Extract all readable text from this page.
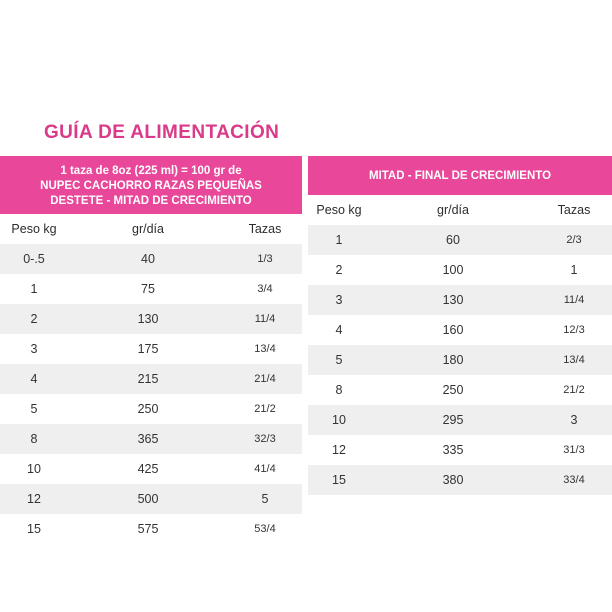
GUÍA DE ALIMENTACIÓN
1 taza de 8oz (225 ml) = 100 gr de
NUPEC CACHORRO RAZAS PEQUEÑAS
DESTETE - MITAD DE CRECIMIENTO
Peso kg	gr/día	Tazas
0-.5	40	1/3
1	75	3/4
2	130	11/4
3	175	13/4
4	215	21/4
5	250	21/2
8	365	32/3
10	425	41/4
12	500	5
15	575	53/4
MITAD - FINAL DE CRECIMIENTO
Peso kg	gr/día	Tazas
1	60	2/3
2	100	1
3	130	11/4
4	160	12/3
5	180	13/4
8	250	21/2
10	295	3
12	335	31/3
15	380	33/4
